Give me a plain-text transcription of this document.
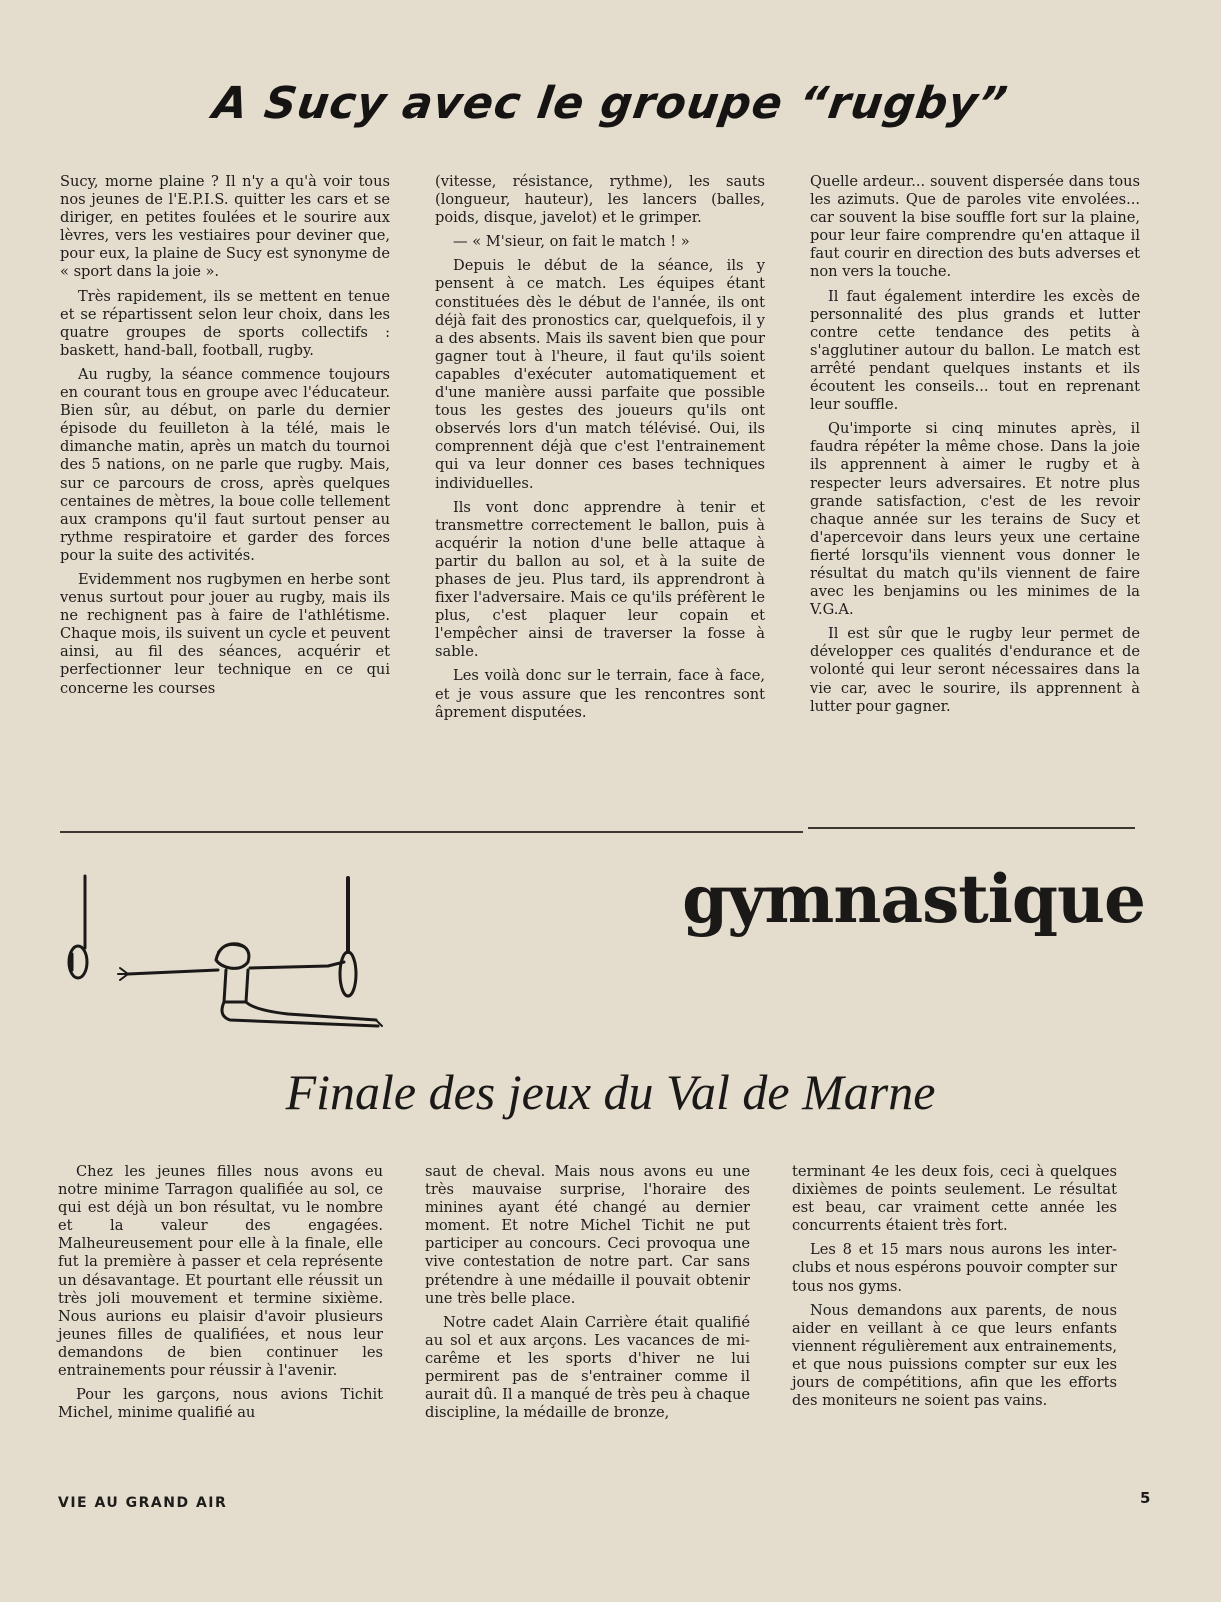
A Sucy avec le groupe “rugby”

Sucy, morne plaine ? Il n'y a qu'à voir tous nos jeunes de l'E.P.I.S. quitter les cars et se diriger, en petites foulées et le sourire aux lèvres, vers les vestiaires pour deviner que, pour eux, la plaine de Sucy est synonyme de « sport dans la joie ».

Très rapidement, ils se mettent en tenue et se répartissent selon leur choix, dans les quatre groupes de sports collectifs : baskett, hand-ball, football, rugby.

Au rugby, la séance commence toujours en courant tous en groupe avec l'éducateur. Bien sûr, au début, on parle du dernier épisode du feuilleton à la télé, mais le dimanche matin, après un match du tournoi des 5 nations, on ne parle que rugby. Mais, sur ce parcours de cross, après quelques centaines de mètres, la boue colle tellement aux crampons qu'il faut surtout penser au rythme respiratoire et garder des forces pour la suite des activités.

Evidemment nos rugbymen en herbe sont venus surtout pour jouer au rugby, mais ils ne rechignent pas à faire de l'athlétisme. Chaque mois, ils suivent un cycle et peuvent ainsi, au fil des séances, acquérir et perfectionner leur technique en ce qui concerne les courses

(vitesse, résistance, rythme), les sauts (longueur, hauteur), les lancers (balles, poids, disque, javelot) et le grimper.

— « M'sieur, on fait le match ! »

Depuis le début de la séance, ils y pensent à ce match. Les équipes étant constituées dès le début de l'année, ils ont déjà fait des pronostics car, quelquefois, il y a des absents. Mais ils savent bien que pour gagner tout à l'heure, il faut qu'ils soient capables d'exécuter automatiquement et d'une manière aussi parfaite que possible tous les gestes des joueurs qu'ils ont observés lors d'un match télévisé. Oui, ils comprennent déjà que c'est l'entrainement qui va leur donner ces bases techniques individuelles.

Ils vont donc apprendre à tenir et transmettre correctement le ballon, puis à acquérir la notion d'une belle attaque à partir du ballon au sol, et à la suite de phases de jeu. Plus tard, ils apprendront à fixer l'adversaire. Mais ce qu'ils préfèrent le plus, c'est plaquer leur copain et l'empêcher ainsi de traverser la fosse à sable.

Les voilà donc sur le terrain, face à face, et je vous assure que les rencontres sont âprement disputées.

Quelle ardeur... souvent dispersée dans tous les azimuts. Que de paroles vite envolées... car souvent la bise souffle fort sur la plaine, pour leur faire comprendre qu'en attaque il faut courir en direction des buts adverses et non vers la touche.

Il faut également interdire les excès de personnalité des plus grands et lutter contre cette tendance des petits à s'agglutiner autour du ballon. Le match est arrêté pendant quelques instants et ils écoutent les conseils... tout en reprenant leur souffle.

Qu'importe si cinq minutes après, il faudra répéter la même chose. Dans la joie ils apprennent à aimer le rugby et à respecter leurs adversaires. Et notre plus grande satisfaction, c'est de les revoir chaque année sur les terains de Sucy et d'apercevoir dans leurs yeux une certaine fierté lorsqu'ils viennent vous donner le résultat du match qu'ils viennent de faire avec les benjamins ou les minimes de la V.G.A.

Il est sûr que le rugby leur permet de développer ces qualités d'endurance et de volonté qui leur seront nécessaires dans la vie car, avec le sourire, ils apprennent à lutter pour gagner.

gymnastique
Finale des jeux du Val de Marne

Chez les jeunes filles nous avons eu notre minime Tarragon qualifiée au sol, ce qui est déjà un bon résultat, vu le nombre et la valeur des engagées. Malheureusement pour elle à la finale, elle fut la première à passer et cela représente un désavantage. Et pourtant elle réussit un très joli mouvement et termine sixième. Nous aurions eu plaisir d'avoir plusieurs jeunes filles de qualifiées, et nous leur demandons de bien continuer les entrainements pour réussir à l'avenir.

Pour les garçons, nous avions Tichit Michel, minime qualifié au

saut de cheval. Mais nous avons eu une très mauvaise surprise, l'horaire des minines ayant été changé au dernier moment. Et notre Michel Tichit ne put participer au concours. Ceci provoqua une vive contestation de notre part. Car sans prétendre à une médaille il pouvait obtenir une très belle place.

Notre cadet Alain Carrière était qualifié au sol et aux arçons. Les vacances de mi-carême et les sports d'hiver ne lui permirent pas de s'entrainer comme il aurait dû. Il a manqué de très peu à chaque discipline, la médaille de bronze,

terminant 4e les deux fois, ceci à quelques dixièmes de points seulement. Le résultat est beau, car vraiment cette année les concurrents étaient très fort.

Les 8 et 15 mars nous aurons les inter-clubs et nous espérons pouvoir compter sur tous nos gyms.

Nous demandons aux parents, de nous aider en veillant à ce que leurs enfants viennent régulièrement aux entrainements, et que nous puissions compter sur eux les jours de compétitions, afin que les efforts des moniteurs ne soient pas vains.

VIE AU GRAND AIR	5
